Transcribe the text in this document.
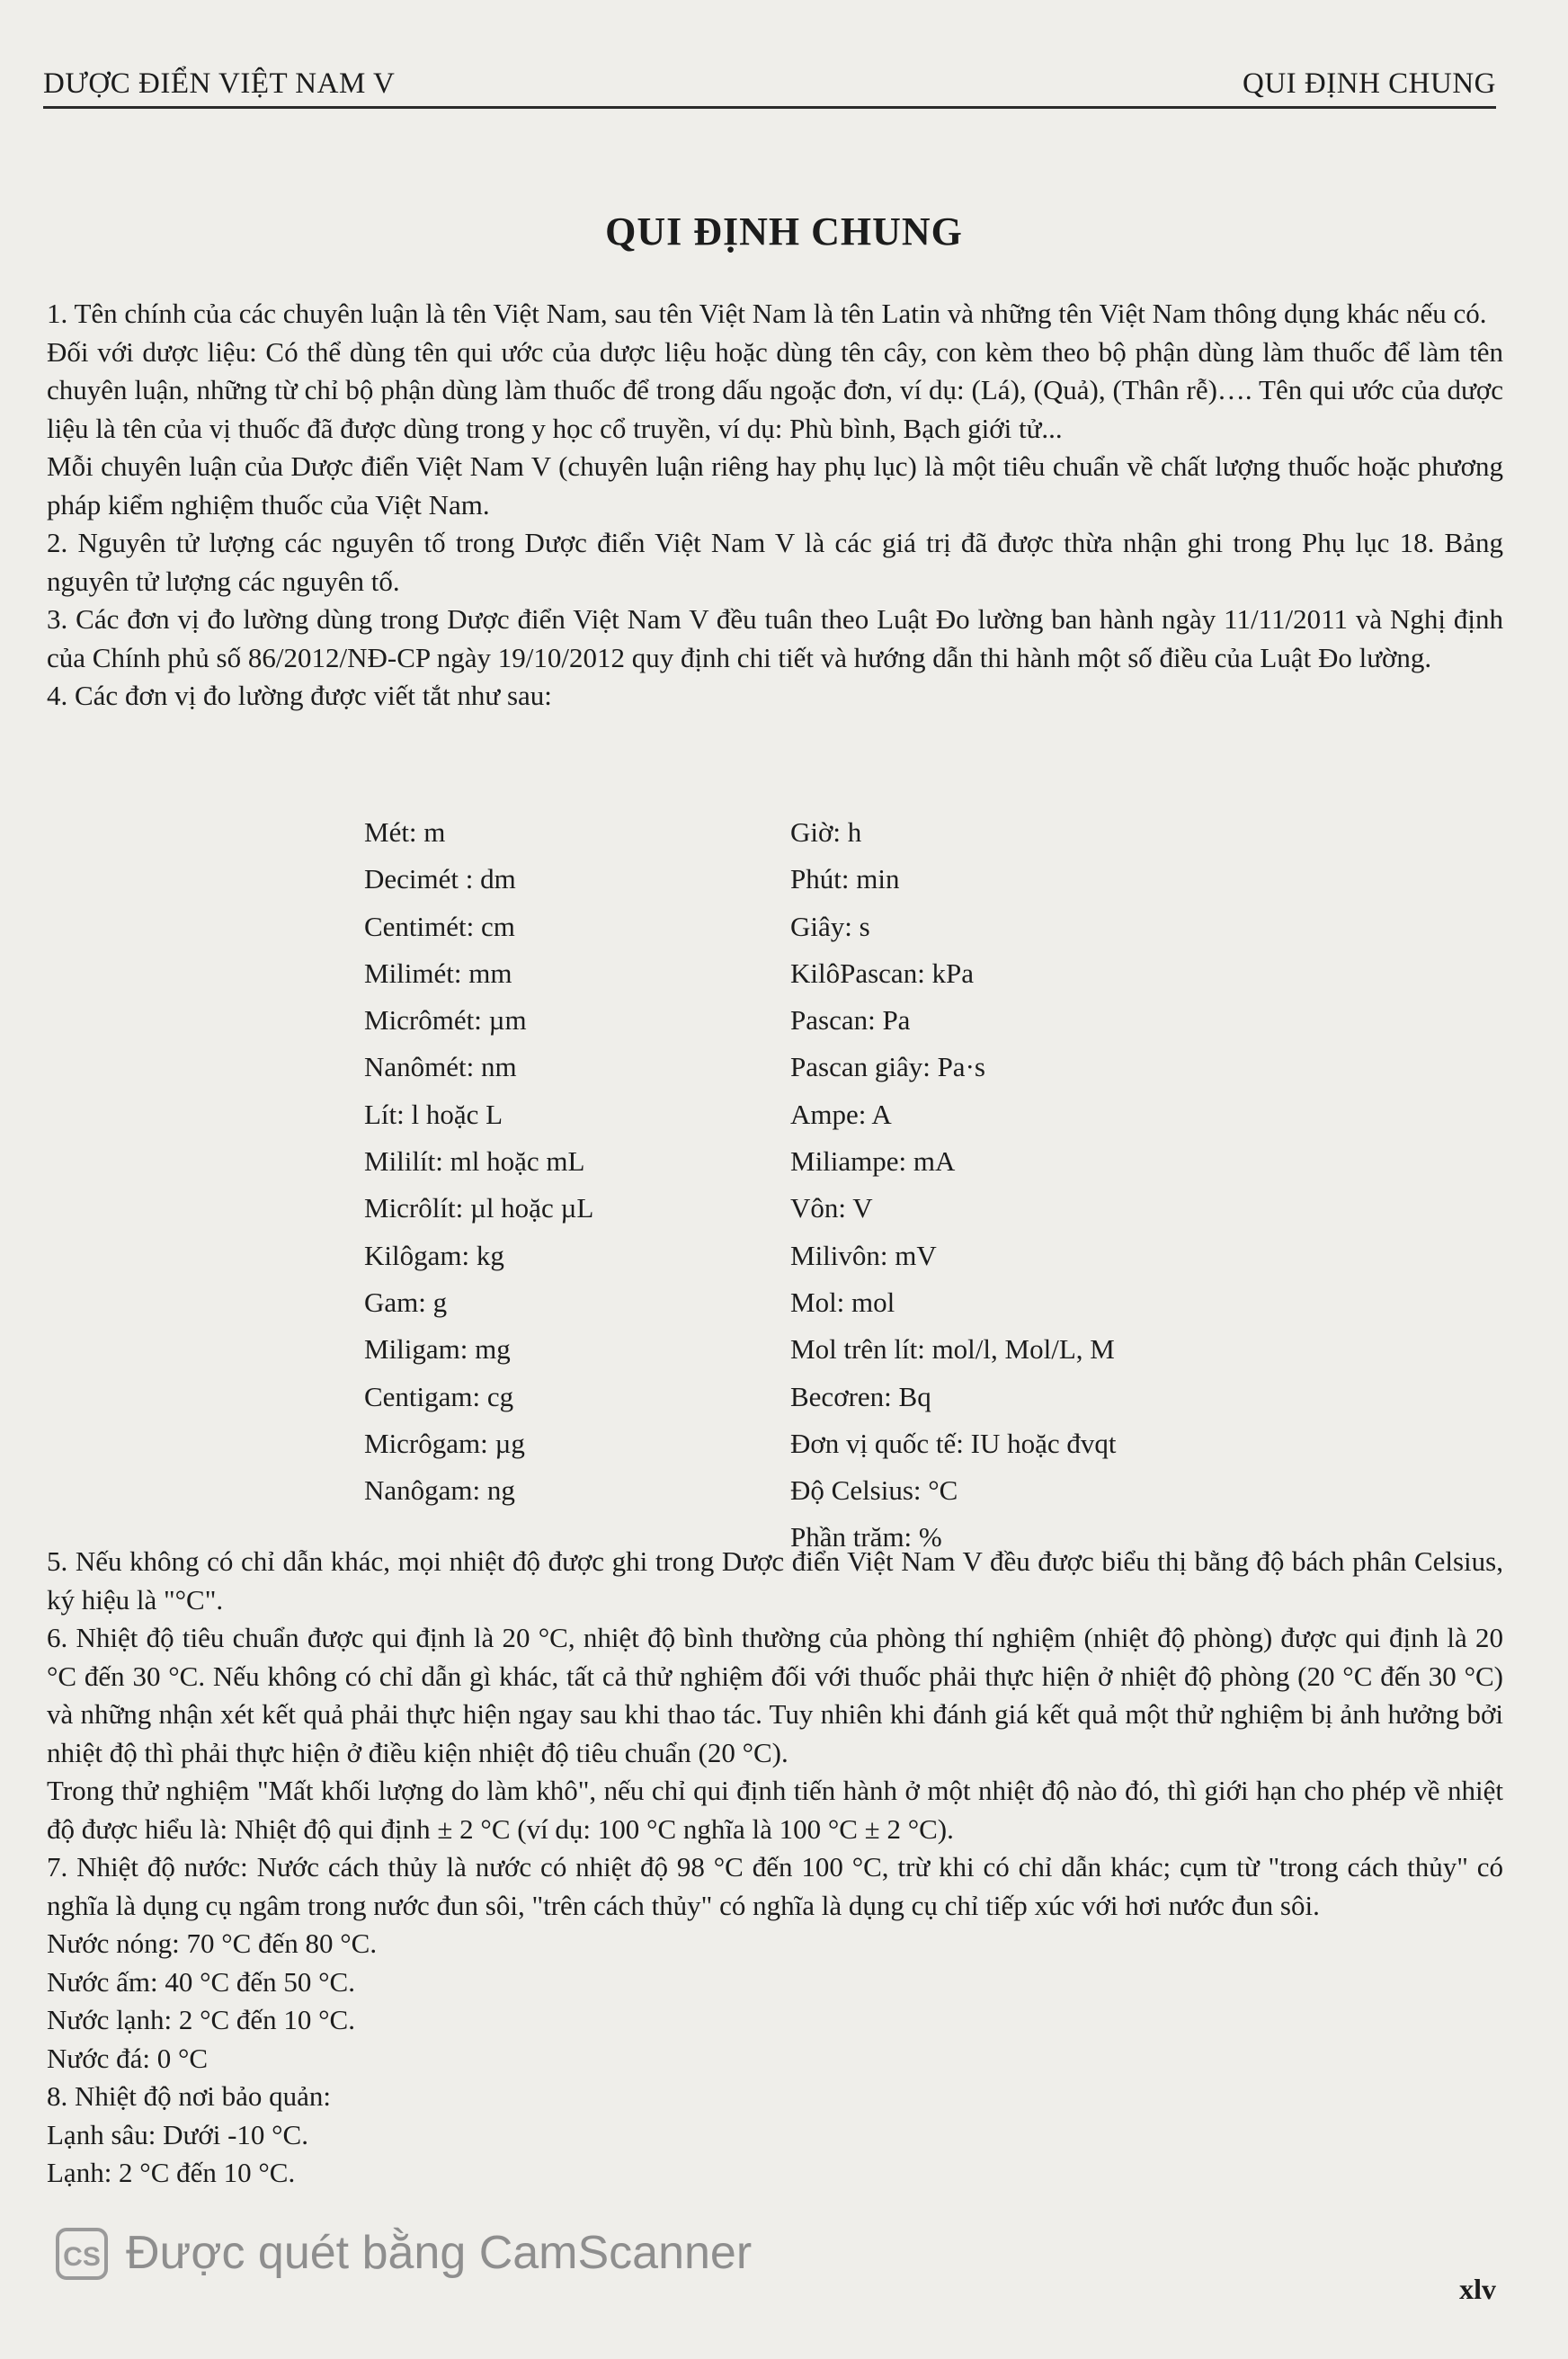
DƯỢC ĐIỂN VIỆT NAM V	QUI ĐỊNH CHUNG
QUI ĐỊNH CHUNG

1. Tên chính của các chuyên luận là tên Việt Nam, sau tên Việt Nam là tên Latin và những tên Việt Nam thông dụng khác nếu có.

Đối với dược liệu: Có thể dùng tên qui ước của dược liệu hoặc dùng tên cây, con kèm theo bộ phận dùng làm thuốc để làm tên chuyên luận, những từ chỉ bộ phận dùng làm thuốc để trong dấu ngoặc đơn, ví dụ: (Lá), (Quả), (Thân rễ)…. Tên qui ước của dược liệu là tên của vị thuốc đã được dùng trong y học cổ truyền, ví dụ: Phù bình, Bạch giới tử...

Mỗi chuyên luận của Dược điển Việt Nam V (chuyên luận riêng hay phụ lục) là một tiêu chuẩn về chất lượng thuốc hoặc phương pháp kiểm nghiệm thuốc của Việt Nam.

2. Nguyên tử lượng các nguyên tố trong Dược điển Việt Nam V là các giá trị đã được thừa nhận ghi trong Phụ lục 18. Bảng nguyên tử lượng các nguyên tố.

3. Các đơn vị đo lường dùng trong Dược điển Việt Nam V đều tuân theo Luật Đo lường ban hành ngày 11/11/2011 và Nghị định của Chính phủ số 86/2012/NĐ-CP ngày 19/10/2012 quy định chi tiết và hướng dẫn thi hành một số điều của Luật Đo lường.

4. Các đơn vị đo lường được viết tắt như sau:

Mét: m
Decimét : dm
Centimét: cm
Milimét: mm
Micrômét: µm
Nanômét: nm
Lít: l hoặc L
Mililít: ml hoặc mL
Micrôlít: µl hoặc µL
Kilôgam: kg
Gam: g
Miligam: mg
Centigam: cg
Micrôgam: µg
Nanôgam: ng
Giờ: h
Phút: min
Giây: s
KilôPascan: kPa
Pascan: Pa
Pascan giây: Pa·s
Ampe: A
Miliampe: mA
Vôn: V
Milivôn: mV
Mol: mol
Mol trên lít: mol/l, Mol/L, M
Becơren: Bq
Đơn vị quốc tế: IU hoặc đvqt
Độ Celsius: °C
Phần trăm: %

5. Nếu không có chỉ dẫn khác, mọi nhiệt độ được ghi trong Dược điển Việt Nam V đều được biểu thị bằng độ bách phân Celsius, ký hiệu là "°C".

6. Nhiệt độ tiêu chuẩn được qui định là 20 °C, nhiệt độ bình thường của phòng thí nghiệm (nhiệt độ phòng) được qui định là 20 °C đến 30 °C. Nếu không có chỉ dẫn gì khác, tất cả thử nghiệm đối với thuốc phải thực hiện ở nhiệt độ phòng (20 °C đến 30 °C) và những nhận xét kết quả phải thực hiện ngay sau khi thao tác. Tuy nhiên khi đánh giá kết quả một thử nghiệm bị ảnh hưởng bởi nhiệt độ thì phải thực hiện ở điều kiện nhiệt độ tiêu chuẩn (20 °C).

Trong thử nghiệm "Mất khối lượng do làm khô", nếu chỉ qui định tiến hành ở một nhiệt độ nào đó, thì giới hạn cho phép về nhiệt độ được hiểu là: Nhiệt độ qui định ± 2 °C (ví dụ: 100 °C nghĩa là 100 °C ± 2 °C).

7. Nhiệt độ nước: Nước cách thủy là nước có nhiệt độ 98 °C đến 100 °C, trừ khi có chỉ dẫn khác; cụm từ "trong cách thủy" có nghĩa là dụng cụ ngâm trong nước đun sôi, "trên cách thủy" có nghĩa là dụng cụ chỉ tiếp xúc với hơi nước đun sôi.

Nước nóng: 70 °C đến 80 °C.

Nước ấm: 40 °C đến 50 °C.

Nước lạnh: 2 °C đến 10 °C.

Nước đá: 0 °C

8. Nhiệt độ nơi bảo quản:

Lạnh sâu: Dưới -10 °C.

Lạnh: 2 °C đến 10 °C.

CS Được quét bằng CamScanner
xlv
